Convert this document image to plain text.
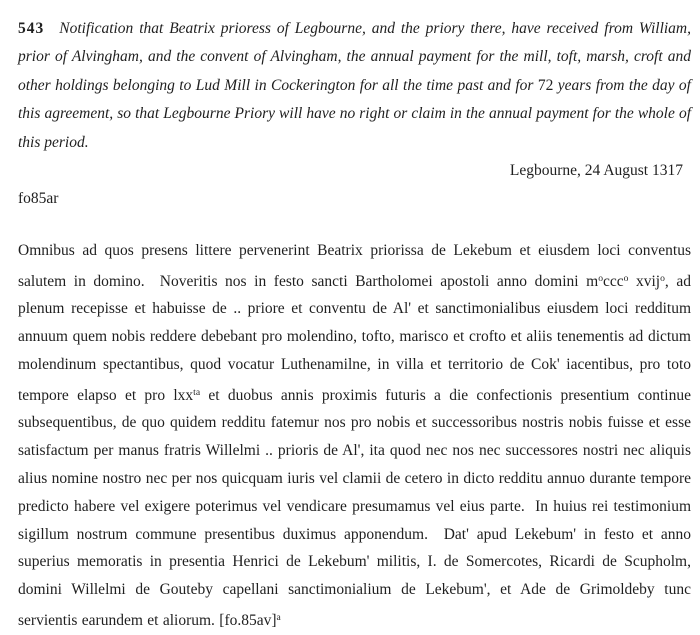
543 Notification that Beatrix prioress of Legbourne, and the priory there, have received from William, prior of Alvingham, and the convent of Alvingham, the annual payment for the mill, toft, marsh, croft and other holdings belonging to Lud Mill in Cockerington for all the time past and for 72 years from the day of this agreement, so that Legbourne Priory will have no right or claim in the annual payment for the whole of this period.

Legbourne, 24 August 1317
fo85ar

Omnibus ad quos presens littere pervenerint Beatrix priorissa de Lekebum et eiusdem loci conventus salutem in domino.  Noveritis nos in festo sancti Bartholomei apostoli anno domini $m^occc^o$ xvij$^o$, ad plenum recepisse et habuisse de .. priore et conventu de Al' et sanctimonialibus eiusdem loci redditum annuum quem nobis reddere debebant pro molendino, tofto, marisco et crofto et aliis tenementis ad dictum molendinum spectantibus, quod vocatur Luthenamilne, in villa et territorio de Cok' iacentibus, pro toto tempore elapso et pro lxx$^{ta}$ et duobus annis proximis futuris a die confectionis presentium continue subsequentibus, de quo quidem redditu fatemur nos pro nobis et successoribus nostris nobis fuisse et esse satisfactum per manus fratris Willelmi .. prioris de Al', ita quod nec nos nec successores nostri nec aliquis alius nomine nostro nec per nos quicquam iuris vel clamii de cetero in dicto redditu annuo durante tempore predicto habere vel exigere poterimus vel vendicare presumamus vel eius parte.  In huius rei testimonium sigillum nostrum commune presentibus duximus apponendum.  Dat' apud Lekebum' in festo et anno superius memoratis in presentia Henrici de Lekebum' militis, I. de Somercotes, Ricardi de Scupholm, domini Willelmi de Gouteby capellani sanctimonialium de Lekebum', et Ade de Grimoldeby tunc servientis earundem et aliorum. $[fo.85av]^a$
